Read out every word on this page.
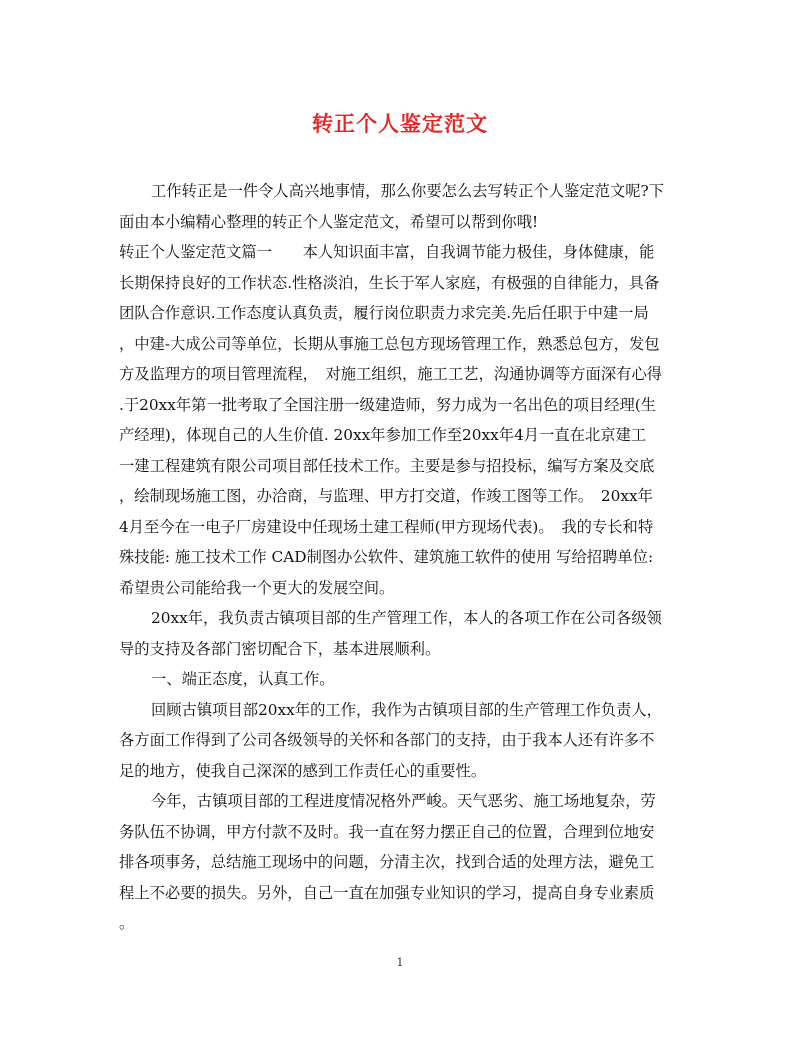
转正个人鉴定范文
工作转正是一件令人高兴地事情，那么你要怎么去写转正个人鉴定范文呢?下
面由本小编精心整理的转正个人鉴定范文，希望可以帮到你哦!
转正个人鉴定范文篇一　　本人知识面丰富，自我调节能力极佳，身体健康，能
长期保持良好的工作状态.性格淡泊，生长于军人家庭，有极强的自律能力，具备
团队合作意识.工作态度认真负责，履行岗位职责力求完美.先后任职于中建一局
，中建-大成公司等单位，长期从事施工总包方现场管理工作，熟悉总包方，发包
方及监理方的项目管理流程，　对施工组织，施工工艺，沟通协调等方面深有心得
.于20xx年第一批考取了全国注册一级建造师，努力成为一名出色的项目经理(生
产经理)，体现自己的人生价值. 20xx年参加工作至20xx年4月一直在北京建工
一建工程建筑有限公司项目部任技术工作。主要是参与招投标，编写方案及交底
，绘制现场施工图，办洽商，与监理、甲方打交道，作竣工图等工作。　20xx年
4月至今在一电子厂房建设中任现场土建工程师(甲方现场代表)。　我的专长和特
殊技能: 施工技术工作 CAD制图办公软件、建筑施工软件的使用 写给招聘单位:
希望贵公司能给我一个更大的发展空间。
20xx年，我负责古镇项目部的生产管理工作，本人的各项工作在公司各级领
导的支持及各部门密切配合下，基本进展顺利。
一、端正态度，认真工作。
回顾古镇项目部20xx年的工作，我作为古镇项目部的生产管理工作负责人，
各方面工作得到了公司各级领导的关怀和各部门的支持，由于我本人还有许多不
足的地方，使我自己深深的感到工作责任心的重要性。
今年，古镇项目部的工程进度情况格外严峻。天气恶劣、施工场地复杂，劳
务队伍不协调，甲方付款不及时。我一直在努力摆正自己的位置，合理到位地安
排各项事务，总结施工现场中的问题，分清主次，找到合适的处理方法，避免工
程上不必要的损失。另外，自己一直在加强专业知识的学习，提高自身专业素质
。
1
